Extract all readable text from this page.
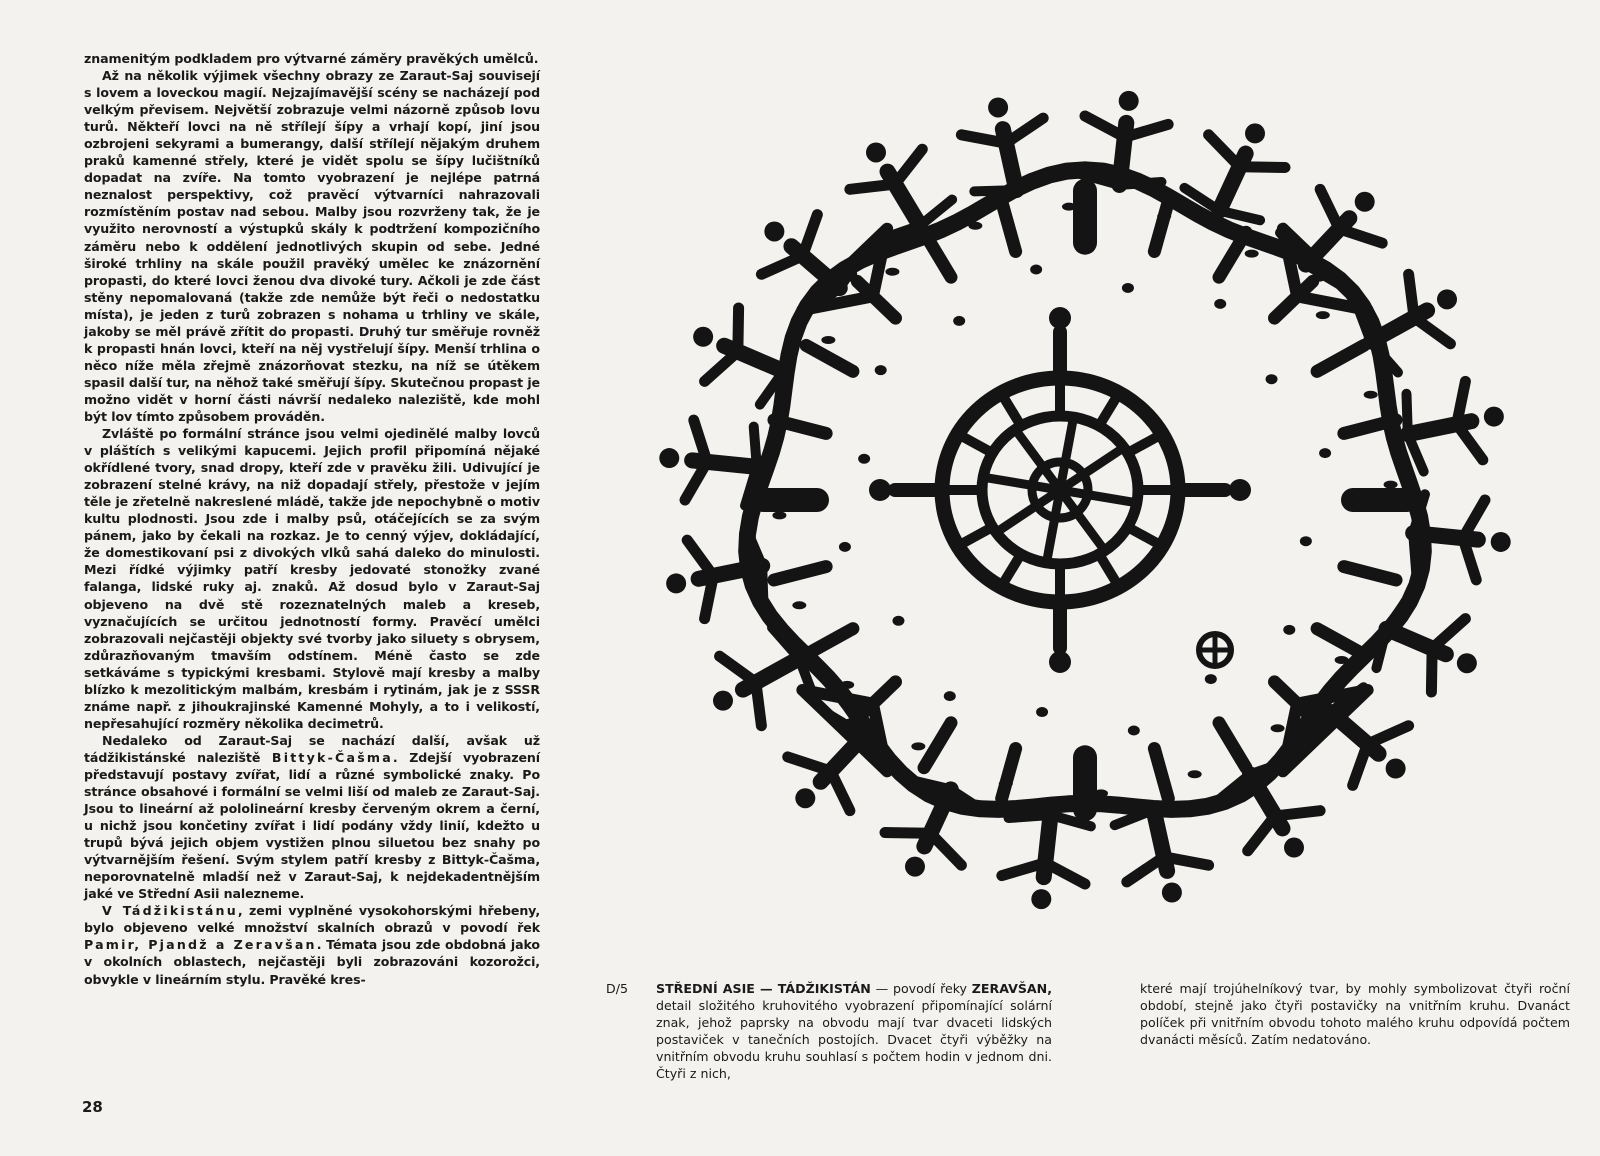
znamenitým podkladem pro výtvarné záměry pravěkých umělců.

Až na několik výjimek všechny obrazy ze Zaraut-Saj souvisejí s lovem a loveckou magií. Nejzajímavější scény se nacházejí pod velkým převisem. Největší zobrazuje velmi názorně způsob lovu turů. Někteří lovci na ně střílejí šípy a vrhají kopí, jiní jsou ozbrojeni sekyrami a bumerangy, další střílejí nějakým druhem praků kamenné střely, které je vidět spolu se šípy lučištníků dopadat na zvíře. Na tomto vyobrazení je nejlépe patrná neznalost perspektivy, což pravěcí výtvarníci nahrazovali rozmístěním postav nad sebou. Malby jsou rozvrženy tak, že je využito nerovností a výstupků skály k podtržení kompozičního záměru nebo k oddělení jednotlivých skupin od sebe. Jedné široké trhliny na skále použil pravěký umělec ke znázornění propasti, do které lovci ženou dva divoké tury. Ačkoli je zde část stěny nepomalovaná (takže zde nemůže být řeči o nedostatku místa), je jeden z turů zobrazen s nohama u trhliny ve skále, jakoby se měl právě zřítit do propasti. Druhý tur směřuje rovněž k propasti hnán lovci, kteří na něj vystřelují šípy. Menší trhlina o něco níže měla zřejmě znázorňovat stezku, na níž se útěkem spasil další tur, na něhož také směřují šípy. Skutečnou propast je možno vidět v horní části návrší nedaleko naleziště, kde mohl být lov tímto způsobem prováděn.

Zvláště po formální stránce jsou velmi ojedinělé malby lovců v pláštích s velikými kapucemi. Jejich profil připomíná nějaké okřídlené tvory, snad dropy, kteří zde v pravěku žili. Udivující je zobrazení stelné krávy, na niž dopadají střely, přestože v jejím těle je zřetelně nakreslené mládě, takže jde nepochybně o motiv kultu plodnosti. Jsou zde i malby psů, otáčejících se za svým pánem, jako by čekali na rozkaz. Je to cenný výjev, dokládající, že domestikovaní psi z divokých vlků sahá daleko do minulosti. Mezi řídké výjimky patří kresby jedovaté stonožky zvané falanga, lidské ruky aj. znaků. Až dosud bylo v Zaraut-Saj objeveno na dvě stě rozeznatelných maleb a kreseb, vyznačujících se určitou jednotností formy. Pravěcí umělci zobrazovali nejčastěji objekty své tvorby jako siluety s obrysem, zdůrazňovaným tmavším odstínem. Méně často se zde setkáváme s typickými kresbami. Stylově mají kresby a malby blízko k mezolitickým malbám, kresbám i rytinám, jak je z SSSR známe např. z jihoukrajinské Kamenné Mohyly, a to i velikostí, nepřesahující rozměry několika decimetrů.

Nedaleko od Zaraut-Saj se nachází další, avšak už tádžikistánské naleziště Bittyk-Čašma. Zdejší vyobrazení představují postavy zvířat, lidí a různé symbolické znaky. Po stránce obsahové i formální se velmi liší od maleb ze Zaraut-Saj. Jsou to lineární až pololineární kresby červeným okrem a černí, u nichž jsou končetiny zvířat i lidí podány vždy linií, kdežto u trupů bývá jejich objem vystižen plnou siluetou bez snahy po výtvarnějším řešení. Svým stylem patří kresby z Bittyk-Čašma, neporovnatelně mladší než v Zaraut-Saj, k nejdekadentnějším jaké ve Střední Asii nalezneme.

V Tádžikistánu, zemi vyplněné vysokohorskými hřebeny, bylo objeveno velké množství skalních obrazů v povodí řek Pamir, Pjandž a Zeravšan. Témata jsou zde obdobná jako v okolních oblastech, nejčastěji byli zobrazováni kozorožci, obvykle v lineárním stylu. Pravěké kres-

28
D/5 STŘEDNÍ ASIE — TÁDŽIKISTÁN — povodí řeky ZERAVŠAN, detail složitého kruhovitého vyobrazení připomínající solární znak, jehož paprsky na obvodu mají tvar dvaceti lidských postaviček v tanečních postojích. Dvacet čtyři výběžky na vnitřním obvodu kruhu souhlasí s počtem hodin v jednom dni. Čtyři z nich,
které mají trojúhelníkový tvar, by mohly symbolizovat čtyři roční období, stejně jako čtyři postavičky na vnitřním kruhu. Dvanáct políček při vnitřním obvodu tohoto malého kruhu odpovídá počtem dvanácti měsíců. Zatím nedatováno.
